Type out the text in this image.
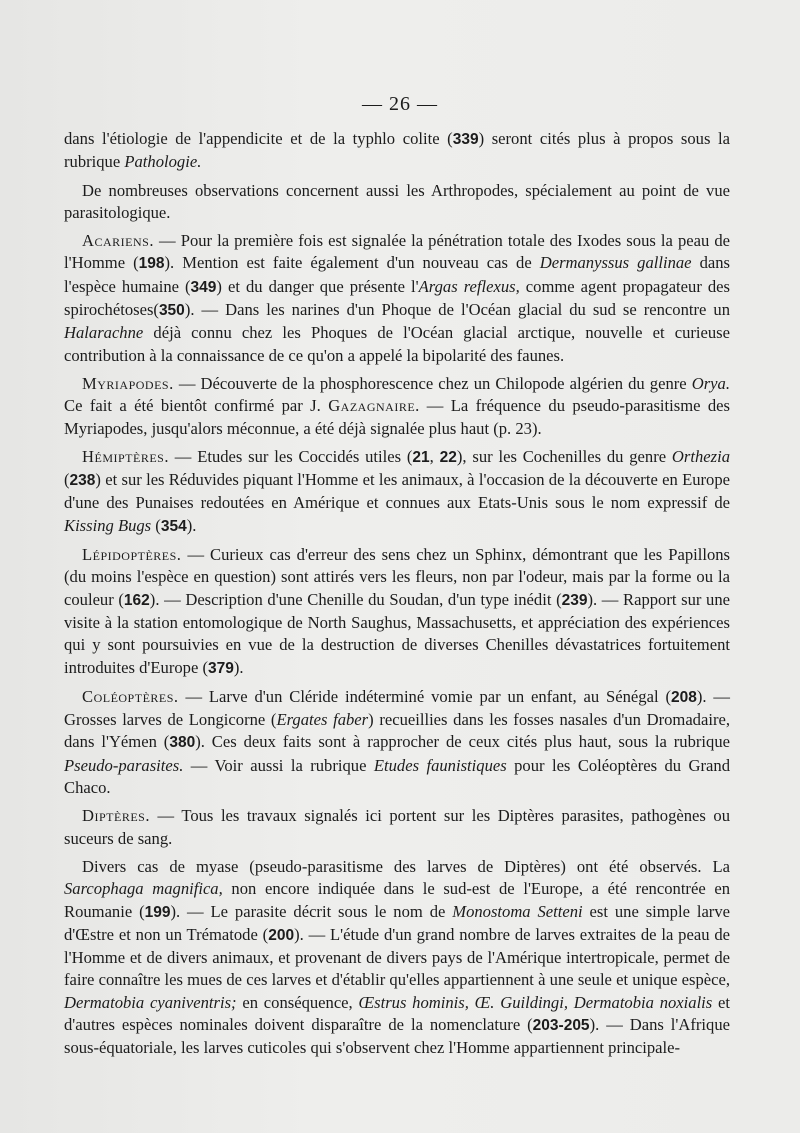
— 26 —

dans l'étiologie de l'appendicite et de la typhlo colite (339) seront cités plus à propos sous la rubrique Pathologie.

De nombreuses observations concernent aussi les Arthropodes, spécialement au point de vue parasitologique.

Acariens. — Pour la première fois est signalée la pénétration totale des Ixodes sous la peau de l'Homme (198). Mention est faite également d'un nouveau cas de Dermanyssus gallinae dans l'espèce humaine (349) et du danger que présente l'Argas reflexus, comme agent propagateur des spirochétoses(350). — Dans les narines d'un Phoque de l'Océan glacial du sud se rencontre un Halarachne déjà connu chez les Phoques de l'Océan glacial arctique, nouvelle et curieuse contribution à la connaissance de ce qu'on a appelé la bipolarité des faunes.

Myriapodes. — Découverte de la phosphorescence chez un Chilopode algérien du genre Orya. Ce fait a été bientôt confirmé par J. Gazagnaire. — La fréquence du pseudo-parasitisme des Myriapodes, jusqu'alors méconnue, a été déjà signalée plus haut (p. 23).

Hémiptères. — Etudes sur les Coccidés utiles (21, 22), sur les Cochenilles du genre Orthezia (238) et sur les Réduvides piquant l'Homme et les animaux, à l'occasion de la découverte en Europe d'une des Punaises redoutées en Amérique et connues aux Etats-Unis sous le nom expressif de Kissing Bugs (354).

Lépidoptères. — Curieux cas d'erreur des sens chez un Sphinx, démontrant que les Papillons (du moins l'espèce en question) sont attirés vers les fleurs, non par l'odeur, mais par la forme ou la couleur (162). — Description d'une Chenille du Soudan, d'un type inédit (239). — Rapport sur une visite à la station entomologique de North Saughus, Massachusetts, et appréciation des expériences qui y sont poursuivies en vue de la destruction de diverses Chenilles dévastatrices fortuitement introduites d'Europe (379).

Coléoptères. — Larve d'un Cléride indéterminé vomie par un enfant, au Sénégal (208). — Grosses larves de Longicorne (Ergates faber) recueillies dans les fosses nasales d'un Dromadaire, dans l'Yémen (380). Ces deux faits sont à rapprocher de ceux cités plus haut, sous la rubrique Pseudo-parasites. — Voir aussi la rubrique Etudes faunistiques pour les Coléoptères du Grand Chaco.

Diptères. — Tous les travaux signalés ici portent sur les Diptères parasites, pathogènes ou suceurs de sang.

Divers cas de myase (pseudo-parasitisme des larves de Diptères) ont été observés. La Sarcophaga magnifica, non encore indiquée dans le sud-est de l'Europe, a été rencontrée en Roumanie (199). — Le parasite décrit sous le nom de Monostoma Setteni est une simple larve d'Œstre et non un Trématode (200). — L'étude d'un grand nombre de larves extraites de la peau de l'Homme et de divers animaux, et provenant de divers pays de l'Amérique intertropicale, permet de faire connaître les mues de ces larves et d'établir qu'elles appartiennent à une seule et unique espèce, Dermatobia cyaniventris; en conséquence, Œstrus hominis, Œ. Guildingi, Dermatobia noxialis et d'autres espèces nominales doivent disparaître de la nomenclature (203-205). — Dans l'Afrique sous-équatoriale, les larves cuticoles qui s'observent chez l'Homme appartiennent principale-
